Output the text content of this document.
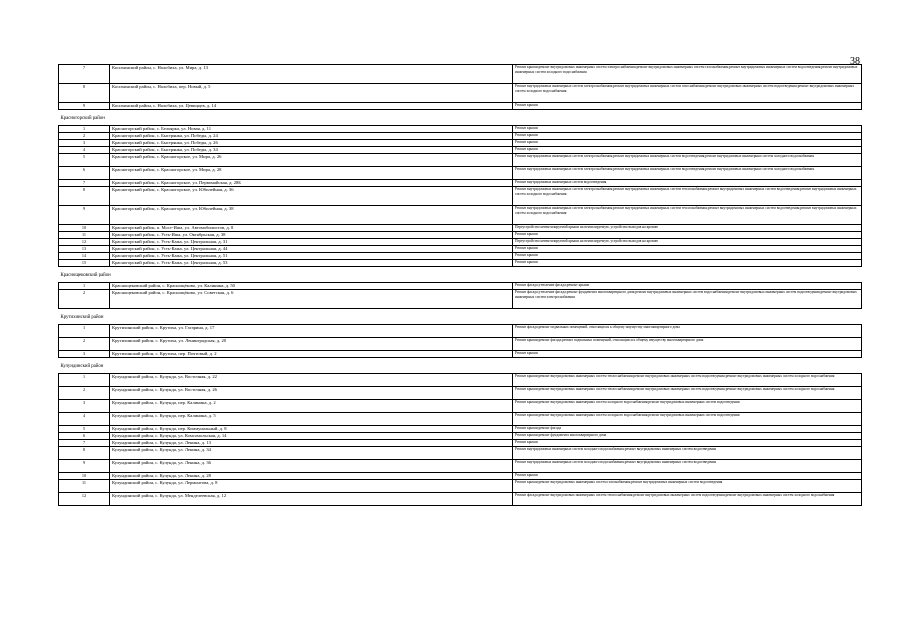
38
7	Косихинский район, с. Налобиха, ул. Мира, д. 13	Ремонт крыши;ремонт внутридомовых инженерных систем электроснабжения;ремонт внутридомовых инженерных систем газоснабжения;ремонт внутридомовых инженерных систем водоотведения;ремонт внутридомовых инженерных систем холодного водоснабжения
8	Косихинский район, с. Налобиха, пер. Новый, д. 5	Ремонт внутридомовых инженерных систем электроснабжения;ремонт внутридомовых инженерных систем газоснабжения;ремонт внутридомовых инженерных систем водоотведения;ремонт внутридомовых инженерных систем холодного водоснабжения
9	Косихинский район, с. Налобиха, ул. Цевиццев, д. 14	Ремонт крыши
Красногорский район		
1	Красногорский район, с. Белоярка, ул. Новая, д. 11	Ремонт крыши
2	Красногорский район, с. Быстрянка, ул. Победы, д. 24	Ремонт крыши
3	Красногорский район, с. Быстрянка, ул. Победы, д. 26	Ремонт крыши
4	Красногорский район, с. Быстрянка, ул. Победы, д. 34	Ремонт крыши
5	Красногорский район, с. Красногорское, ул. Мира, д. 26	Ремонт внутридомовых инженерных систем электроснабжения;ремонт внутридомовых инженерных систем водоотведения;ремонт внутридомовых инженерных систем холодного водоснабжения
6	Красногорский район, с. Красногорское, ул. Мира, д. 28	Ремонт внутридомовых инженерных систем электроснабжения;ремонт внутридомовых инженерных систем водоотведения;ремонт внутридомовых инженерных систем холодного водоснабжения
7	Красногорский район, с. Красногорское, ул. Первомайская, д. 28Б	Ремонт внутридомовых инженерных систем водоотведения
8	Красногорский район, с. Красногорское, ул. Юбилейная, д. 36	Ремонт внутридомовых инженерных систем электроснабжения;ремонт внутридомовых инженерных систем теплоснабжения;ремонт внутридомовых инженерных систем водоотведения;ремонт внутридомовых инженерных систем холодного водоснабжения
9	Красногорский район, с. Красногорское, ул. Юбилейная, д. 38	Ремонт внутридомовых инженерных систем электроснабжения;ремонт внутридомовых инженерных систем теплоснабжения;ремонт внутридомовых инженерных систем водоотведения;ремонт внутридомовых инженерных систем холодного водоснабжения
10	Красногорский район, п. Мост-Иша, ул. Автомобилистов, д. 8	Переустройство невентилируемой крыши на вентилируемую, устройство выходов на кровлю
11	Красногорский район, с. Усть-Иша, ул. Октябрьская, д. 38	Ремонт крыши
12	Красногорский район, с. Усть-Кажа, ул. Центральная, д. 31	Переустройство невентилируемой крыши на вентилируемую, устройство выходов на кровлю
13	Красногорский район, с. Усть-Кажа, ул. Центральная, д. 44	Ремонт крыши
14	Красногорский район, с. Усть-Кажа, ул. Центральная, д. 51	Ремонт крыши
15	Красногорский район, с. Усть-Кажа, ул. Центральная, д. 53	Ремонт крыши
Краснощековский район		
1	Краснощековский район, с. Краснощёково, ул. Калинина, д. 50	Ремонт фасада;утепление фасада;ремонт крыши
2	Краснощековский район, с. Краснощёково, ул. Советская, д. 6	Ремонт фасада;утепление фасада;ремонт фундамента многоквартирного дома;ремонт внутридомовых инженерных систем водоснабжения;ремонт внутридомовых инженерных систем водоотведения;ремонт внутридомовых инженерных систем электроснабжения
Крутихинский район		
1	Крутихинский район, с. Крутиха, ул. Гагарина, д. 17	Ремонт фасада;ремонт подвальных помещений, относящихся к общему имуществу многоквартирного дома
2	Крутихинский район, с. Крутиха, ул. Ленинградская, д. 20	Ремонт крыши;ремонт фасада;ремонт подвальных помещений, относящихся к общему имуществу многоквартирного дома
3	Крутихинский район, с. Крутиха, пер. Почтовый, д. 2	Ремонт крыши
Кулундинский район		
1	Кулундинский район, с. Кулунда, ул. Восточная, д. 22	Ремонт крыши;ремонт внутридомовых инженерных систем теплоснабжения;ремонт внутридомовых инженерных систем водоотведения;ремонт внутридомовых инженерных систем холодного водоснабжения
2	Кулундинский район, с. Кулунда, ул. Восточная, д. 26	Ремонт крыши;ремонт внутридомовых инженерных систем теплоснабжения;ремонт внутридомовых инженерных систем водоотведения;ремонт внутридомовых инженерных систем холодного водоснабжения
3	Кулундинский район, с. Кулунда, пер. Калинина, д. 2	Ремонт крыши;ремонт внутридомовых инженерных систем холодного водоснабжения;ремонт внутридомовых инженерных систем водоотведения
4	Кулундинский район, с. Кулунда, пер. Калинина, д. 5	Ремонт крыши;ремонт внутридомовых инженерных систем холодного водоснабжения;ремонт внутридомовых инженерных систем водоотведения
5	Кулундинский район, с. Кулунда, пер. Коммунальный, д. 8	Ремонт крыши;ремонт фасада
6	Кулундинский район, с. Кулунда, ул. Комсомольская, д. 14	Ремонт крыши;ремонт фундамента многоквартирного дома
7	Кулундинский район, с. Кулунда, ул. Ленина, д. 13	Ремонт крыши
8	Кулундинский район, с. Кулунда, ул. Ленина, д. 34	Ремонт внутридомовых инженерных систем холодного водоснабжения;ремонт внутридомовых инженерных систем водоотведения
9	Кулундинский район, с. Кулунда, ул. Ленина, д. 36	Ремонт внутридомовых инженерных систем холодного водоснабжения;ремонт внутридомовых инженерных систем водоотведения
10	Кулундинский район, с. Кулунда, ул. Ленина, д. 28	Ремонт крыши
11	Кулундинский район, с. Кулунда, ул. Лермонтова, д. 8	Ремонт крыши;ремонт внутридомовых инженерных систем газоснабжения;ремонт внутридомовых инженерных систем водоотведения
12	Кулундинский район, с. Кулунда, ул. Менделеевская, д. 12	Ремонт фасада;ремонт внутридомовых инженерных систем теплоснабжения;ремонт внутридомовых инженерных систем водоотведения;ремонт внутридомовых инженерных систем холодного водоснабжения
